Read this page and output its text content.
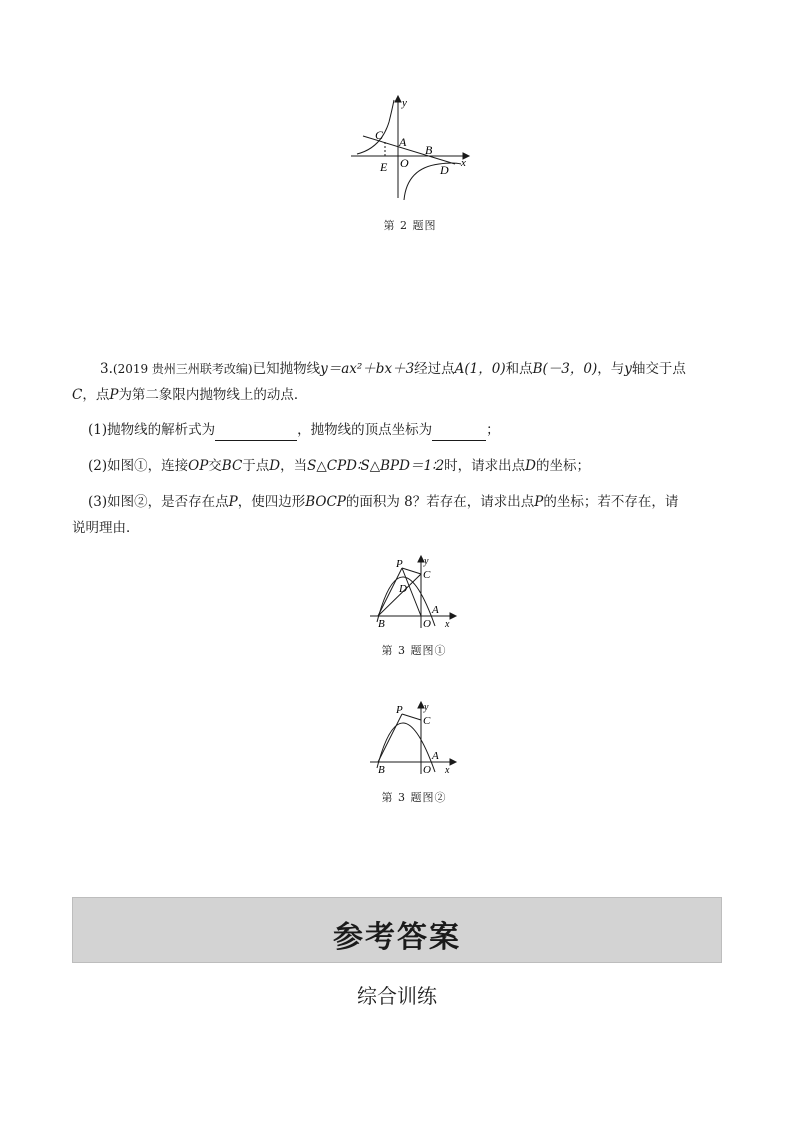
y
x
C A
B
O
E	D
第 2 题图
3.(2019 贵州三州联考改编)已知抛物线y＝ax²＋bx＋3经过点A(1，0)和点B(－3，0)，与y轴交于点
C，点P为第二象限内抛物线上的动点．
(1)抛物线的解析式为	，抛物线的顶点坐标为	；
(2)如图①，连接OP交BC于点D，当S△CPD∶S△BPD＝1∶2时，请求出点D的坐标；
(3)如图②，是否存在点P，使四边形BOCP的面积为 8？若存在，请求出点P的坐标；若不存在，请
说明理由．
P y
C
D
A
B	O x
第 3 题图①
P y
C
A
B	O x
第 3 题图②
参考答案
综合训练
